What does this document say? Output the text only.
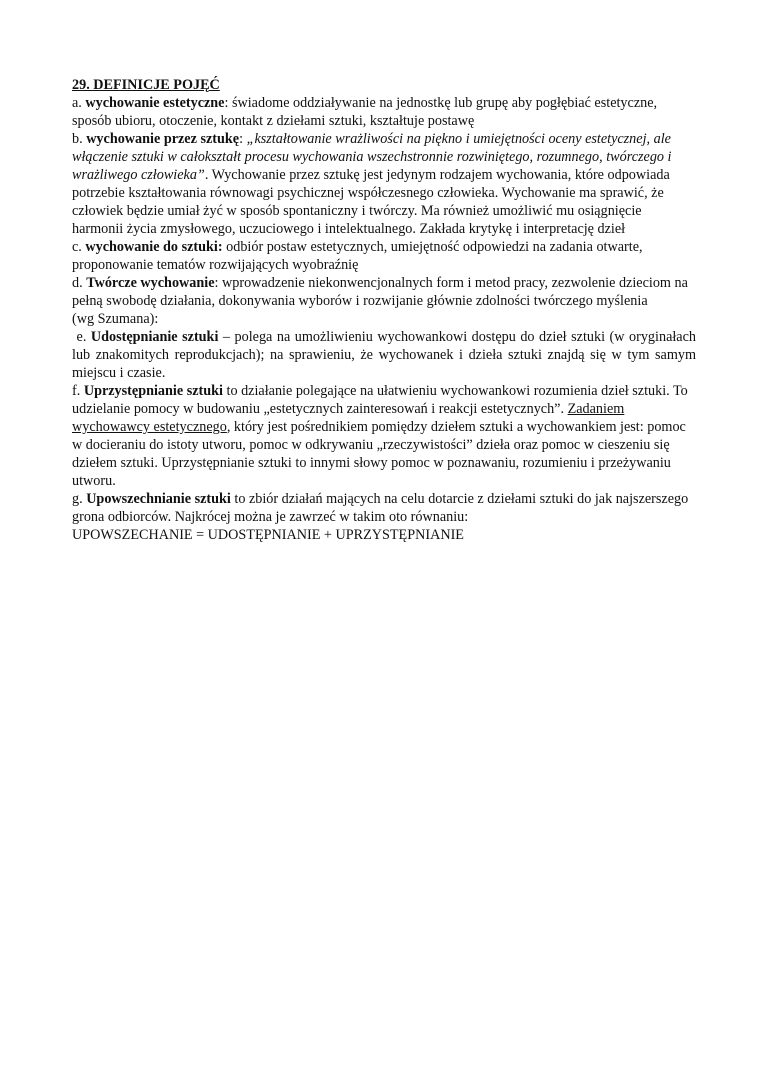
29. DEFINICJE POJĘĆ

a. wychowanie estetyczne: świadome oddziaływanie na jednostkę lub grupę aby pogłębiać estetyczne, sposób ubioru, otoczenie, kontakt z dziełami sztuki, kształtuje postawę

b. wychowanie przez sztukę: „kształtowanie wrażliwości na piękno i umiejętności oceny estetycznej, ale włączenie sztuki w całokształt procesu wychowania wszechstronnie rozwiniętego, rozumnego, twórczego i wrażliwego człowieka”. Wychowanie przez sztukę jest jedynym rodzajem wychowania, które odpowiada potrzebie kształtowania równowagi psychicznej współczesnego człowieka. Wychowanie ma sprawić, że człowiek będzie umiał żyć w sposób spontaniczny i twórczy. Ma również umożliwić mu osiągnięcie harmonii życia zmysłowego, uczuciowego i intelektualnego. Zakłada krytykę i interpretację dzieł

c. wychowanie do sztuki: odbiór postaw estetycznych, umiejętność odpowiedzi na zadania otwarte, proponowanie tematów rozwijających wyobraźnię

d. Twórcze wychowanie: wprowadzenie niekonwencjonalnych form i metod pracy, zezwolenie dzieciom na pełną swobodę działania, dokonywania wyborów i rozwijanie głównie zdolności twórczego myślenia

(wg Szumana):

e. Udostępnianie sztuki – polega na umożliwieniu wychowankowi dostępu do dzieł sztuki (w oryginałach lub znakomitych reprodukcjach); na sprawieniu, że wychowanek i dzieła sztuki znajdą się w tym samym miejscu i czasie.

f. Uprzystępnianie sztuki to działanie polegające na ułatwieniu wychowankowi rozumienia dzieł sztuki. To udzielanie pomocy w budowaniu „estetycznych zainteresowań i reakcji estetycznych”. Zadaniem wychowawcy estetycznego, który jest pośrednikiem pomiędzy dziełem sztuki a wychowankiem jest: pomoc w docieraniu do istoty utworu, pomoc w odkrywaniu „rzeczywistości” dzieła oraz pomoc w cieszeniu się dziełem sztuki. Uprzystępnianie sztuki to innymi słowy pomoc w poznawaniu, rozumieniu i przeżywaniu utworu.

g. Upowszechnianie sztuki to zbiór działań mających na celu dotarcie z dziełami sztuki do jak najszerszego grona odbiorców. Najkrócej można je zawrzeć w takim oto równaniu:

UPOWSZECHANIE = UDOSTĘPNIANIE + UPRZYSTĘPNIANIE
